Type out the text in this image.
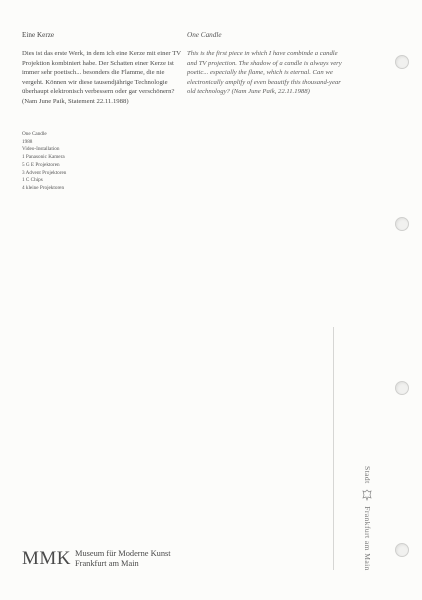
Eine Kerze	One Candle

Dies ist das erste Werk, in dem ich eine Kerze mit einer TV Projektion kombiniert habe. Der Schatten einer Kerze ist immer sehr poetisch... besonders die Flamme, die nie vergeht. Können wir diese tausendjährige Technologie überhaupt elektronisch verbessern oder gar verschönern? (Nam June Paik, Statement 22.11.1988)

This is the first piece in which I have combinde a candle and TV projection. The shadow of a candle is always very poetic... especially the flame, which is eternal. Can we electronically amplify of even beautify this thousand-year old technology? (Nam June Paik, 22.11.1988)

One Candle
1988
Video-Installation
1 Panasonic Kamera
5 G E Projektoren
3 Advent Projektoren
1 C Chips
4 kleine Projektoren
MMK Museum für Moderne Kunst
Frankfurt am Main
Stadt  Frankfurt am Main
